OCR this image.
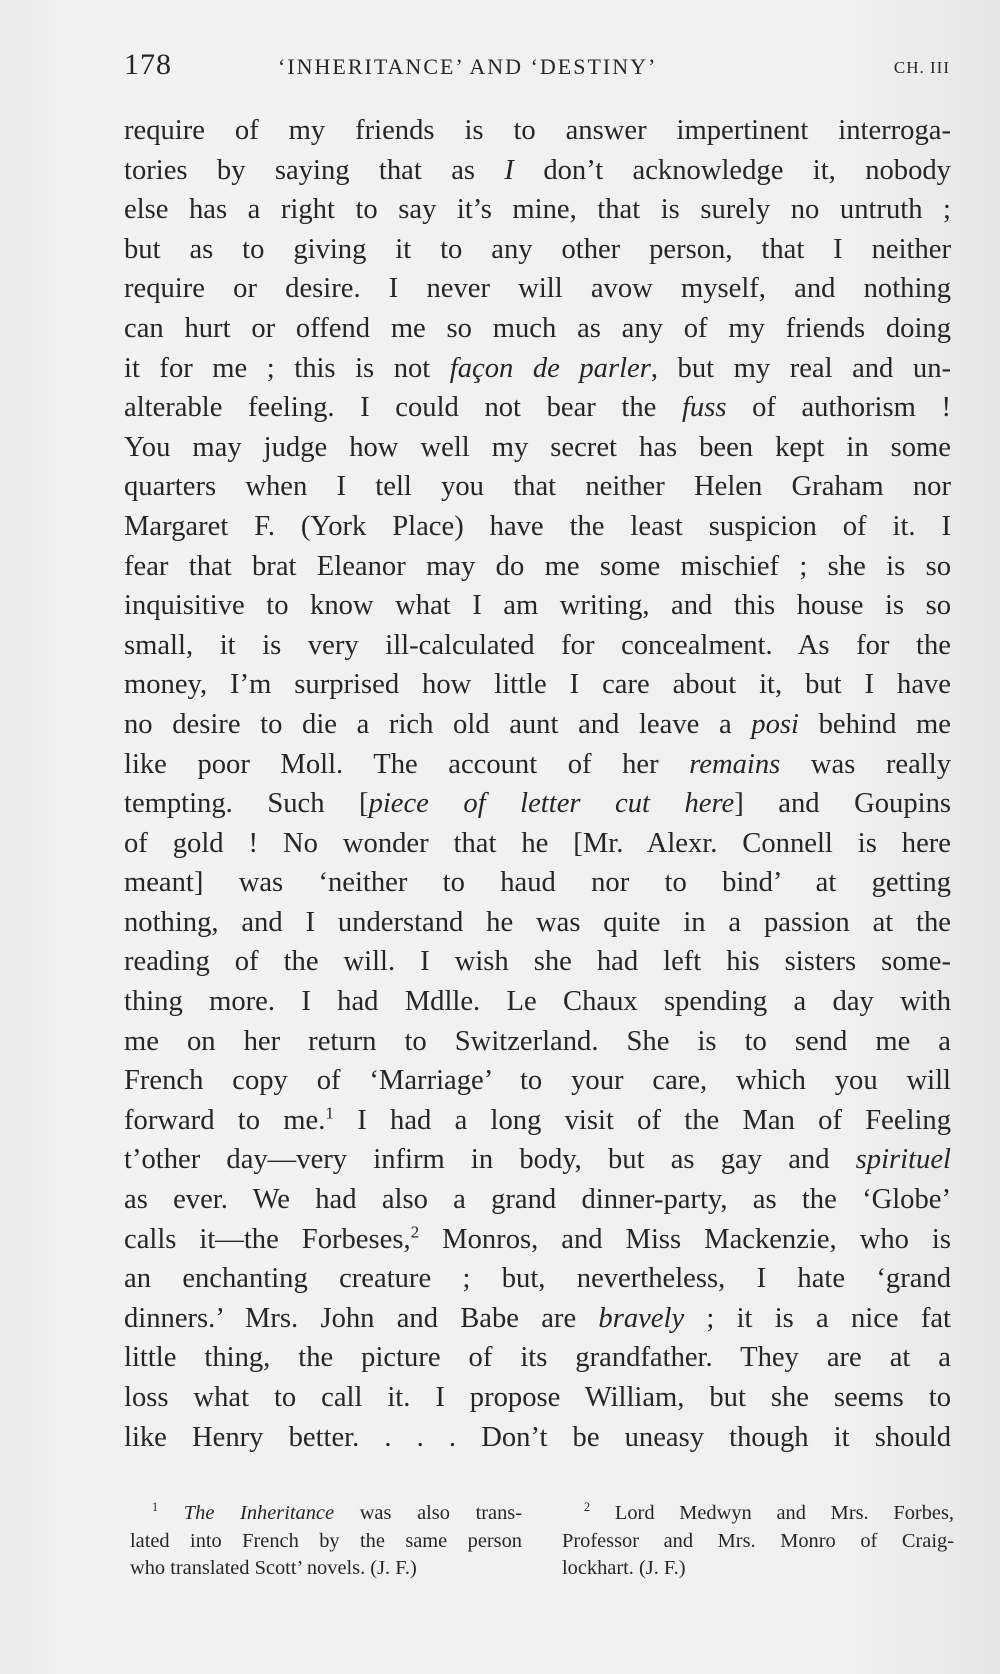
178	‘INHERITANCE’ AND ‘DESTINY’	CH. III
require of my friends is to answer impertinent interroga-
tories by saying that as I don’t acknowledge it, nobody
else has a right to say it’s mine, that is surely no untruth ;
but as to giving it to any other person, that I neither
require or desire. I never will avow myself, and nothing
can hurt or offend me so much as any of my friends doing
it for me ; this is not façon de parler, but my real and un-
alterable feeling. I could not bear the fuss of authorism !
You may judge how well my secret has been kept in some
quarters when I tell you that neither Helen Graham nor
Margaret F. (York Place) have the least suspicion of it. I
fear that brat Eleanor may do me some mischief ; she is so
inquisitive to know what I am writing, and this house is so
small, it is very ill-calculated for concealment. As for the
money, I’m surprised how little I care about it, but I have
no desire to die a rich old aunt and leave a posi behind me
like poor Moll. The account of her remains was really
tempting. Such [piece of letter cut here] and Goupins
of gold ! No wonder that he [Mr. Alexr. Connell is here
meant] was ‘neither to haud nor to bind’ at getting
nothing, and I understand he was quite in a passion at the
reading of the will. I wish she had left his sisters some-
thing more. I had Mdlle. Le Chaux spending a day with
me on her return to Switzerland. She is to send me a
French copy of ‘Marriage’ to your care, which you will
forward to me.$^1$ I had a long visit of the Man of Feeling
t’other day—very infirm in body, but as gay and spirituel
as ever. We had also a grand dinner-party, as the ‘Globe’
calls it—the Forbeses,$^2$ Monros, and Miss Mackenzie, who is
an enchanting creature ; but, nevertheless, I hate ‘grand
dinners.’ Mrs. John and Babe are bravely ; it is a nice fat
little thing, the picture of its grandfather. They are at a
loss what to call it. I propose William, but she seems to
like Henry better. . . . Don’t be uneasy though it should
$^1$ The Inheritance was also trans-
lated into French by the same person
who translated Scott’ novels. (J. F.)
$^2$ Lord Medwyn and Mrs. Forbes,
Professor and Mrs. Monro of Craig-
lockhart. (J. F.)
